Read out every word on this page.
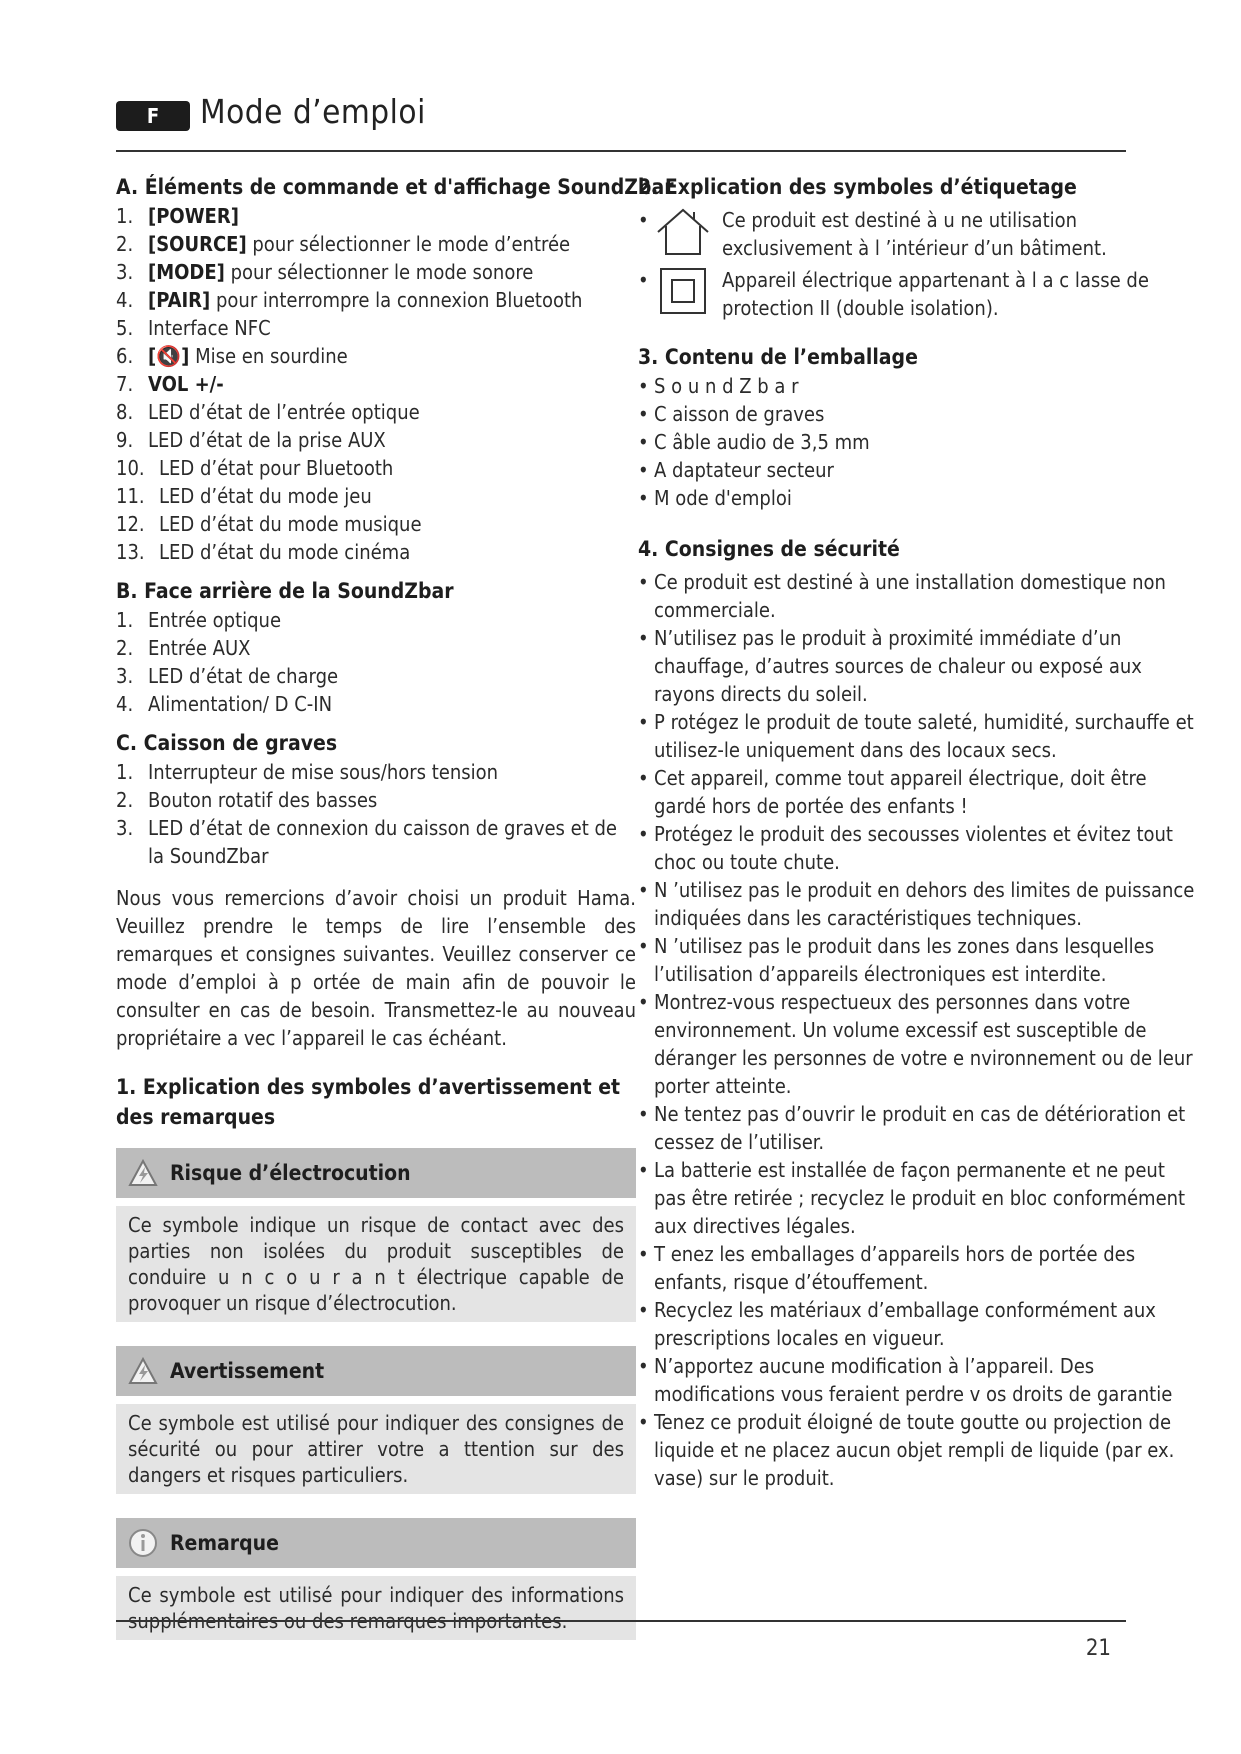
F	Mode d’emploi
A. Éléments de commande et d'affichage SoundZbar
1. [POWER]
2. [SOURCE] pour sélectionner le mode d’entrée
3. [MODE] pour sélectionner le mode sonore
4. [PAIR] pour interrompre la connexion Bluetooth
5. Interface NFC
6. [🔇] Mise en sourdine
7. VOL +/-
8. LED d’état de l’entrée optique
9. LED d’état de la prise AUX
10. LED d’état pour Bluetooth
11. LED d’état du mode jeu
12. LED d’état du mode musique
13. LED d’état du mode cinéma
B. Face arrière de la SoundZbar
1. Entrée optique
2. Entrée AUX
3. LED d’état de charge
4. Alimentation/ D C-IN
C. Caisson de graves
1. Interrupteur de mise sous/hors tension
2. Bouton rotatif des basses
3. LED d’état de connexion du caisson de graves et de la SoundZbar

Nous vous remercions d’avoir choisi un produit Hama. Veuillez prendre le temps de lire l’ensemble des remarques et consignes suivantes. Veuillez conserver ce mode d’emploi à p ortée de main afin de pouvoir le consulter en cas de besoin. Transmettez-le au nouveau propriétaire a vec l’appareil le cas échéant.

1. Explication des symboles d’avertissement et des remarques
Risque d’électrocution
Ce symbole indique un risque de contact avec des parties non isolées du produit susceptibles de conduire u n c o u r a n t électrique capable de provoquer un risque d’électrocution.
Avertissement
Ce symbole est utilisé pour indiquer des consignes de sécurité ou pour attirer votre a ttention sur des dangers et risques particuliers.
Remarque
Ce symbole est utilisé pour indiquer des informations supplémentaires ou des remarques importantes.
2. Explication des symboles d’étiquetage
•	Ce produit est destiné à u ne utilisation exclusivement à l ’intérieur d’un bâtiment.
•	Appareil électrique appartenant à l a c lasse de protection II (double isolation).
3. Contenu de l’emballage
• S o u n d Z b a r
• C aisson de graves
• C âble audio de 3,5 mm
• A daptateur secteur
• M ode d'emploi
4. Consignes de sécurité
• Ce produit est destiné à une installation domestique non commerciale.
• N’utilisez pas le produit à proximité immédiate d’un chauffage, d’autres sources de chaleur ou exposé aux rayons directs du soleil.
• P rotégez le produit de toute saleté, humidité, surchauffe et utilisez-le uniquement dans des locaux secs.
• Cet appareil, comme tout appareil électrique, doit être gardé hors de portée des enfants !
• Protégez le produit des secousses violentes et évitez tout choc ou toute chute.
• N ’utilisez pas le produit en dehors des limites de puissance indiquées dans les caractéristiques techniques.
• N ’utilisez pas le produit dans les zones dans lesquelles l’utilisation d’appareils électroniques est interdite.
• Montrez-vous respectueux des personnes dans votre environnement. Un volume excessif est susceptible de déranger les personnes de votre e nvironnement ou de leur porter atteinte.
• Ne tentez pas d’ouvrir le produit en cas de détérioration et cessez de l’utiliser.
• La batterie est installée de façon permanente et ne peut pas être retirée ; recyclez le produit en bloc conformément aux directives légales.
• T enez les emballages d’appareils hors de portée des enfants, risque d’étouffement.
• Recyclez les matériaux d’emballage conformément aux prescriptions locales en vigueur.
• N’apportez aucune modification à l’appareil. Des modifications vous feraient perdre v os droits de garantie
• Tenez ce produit éloigné de toute goutte ou projection de liquide et ne placez aucun objet rempli de liquide (par ex. vase) sur le produit.
21
